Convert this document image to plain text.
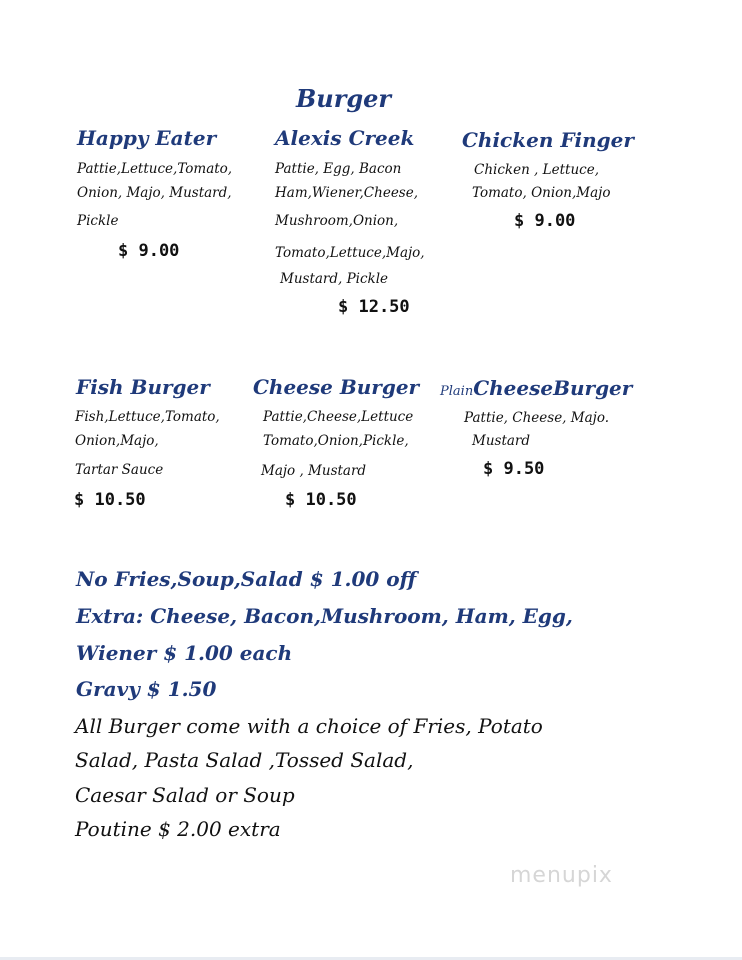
Burger
Happy Eater
Pattie,Lettuce,Tomato,
Onion, Majo, Mustard,
Pickle
$ 9.00
Alexis Creek
Pattie, Egg, Bacon
Ham,Wiener,Cheese,
Mushroom,Onion,
Tomato,Lettuce,Majo,
Mustard, Pickle
$ 12.50
Chicken Finger
Chicken , Lettuce,
Tomato, Onion,Majo
$ 9.00
Fish Burger
Fish,Lettuce,Tomato,
Onion,Majo,
Tartar Sauce
$ 10.50
Cheese Burger
Pattie,Cheese,Lettuce
Tomato,Onion,Pickle,
Majo , Mustard
$ 10.50
PlainCheeseBurger
Pattie, Cheese, Majo.
Mustard
$ 9.50
No Fries,Soup,Salad $ 1.00 off
Extra: Cheese, Bacon,Mushroom, Ham, Egg,
Wiener $ 1.00 each
Gravy $ 1.50
All Burger come with a choice of Fries, Potato
Salad, Pasta Salad ,Tossed Salad,
Caesar Salad or Soup
Poutine $ 2.00 extra
menupix
